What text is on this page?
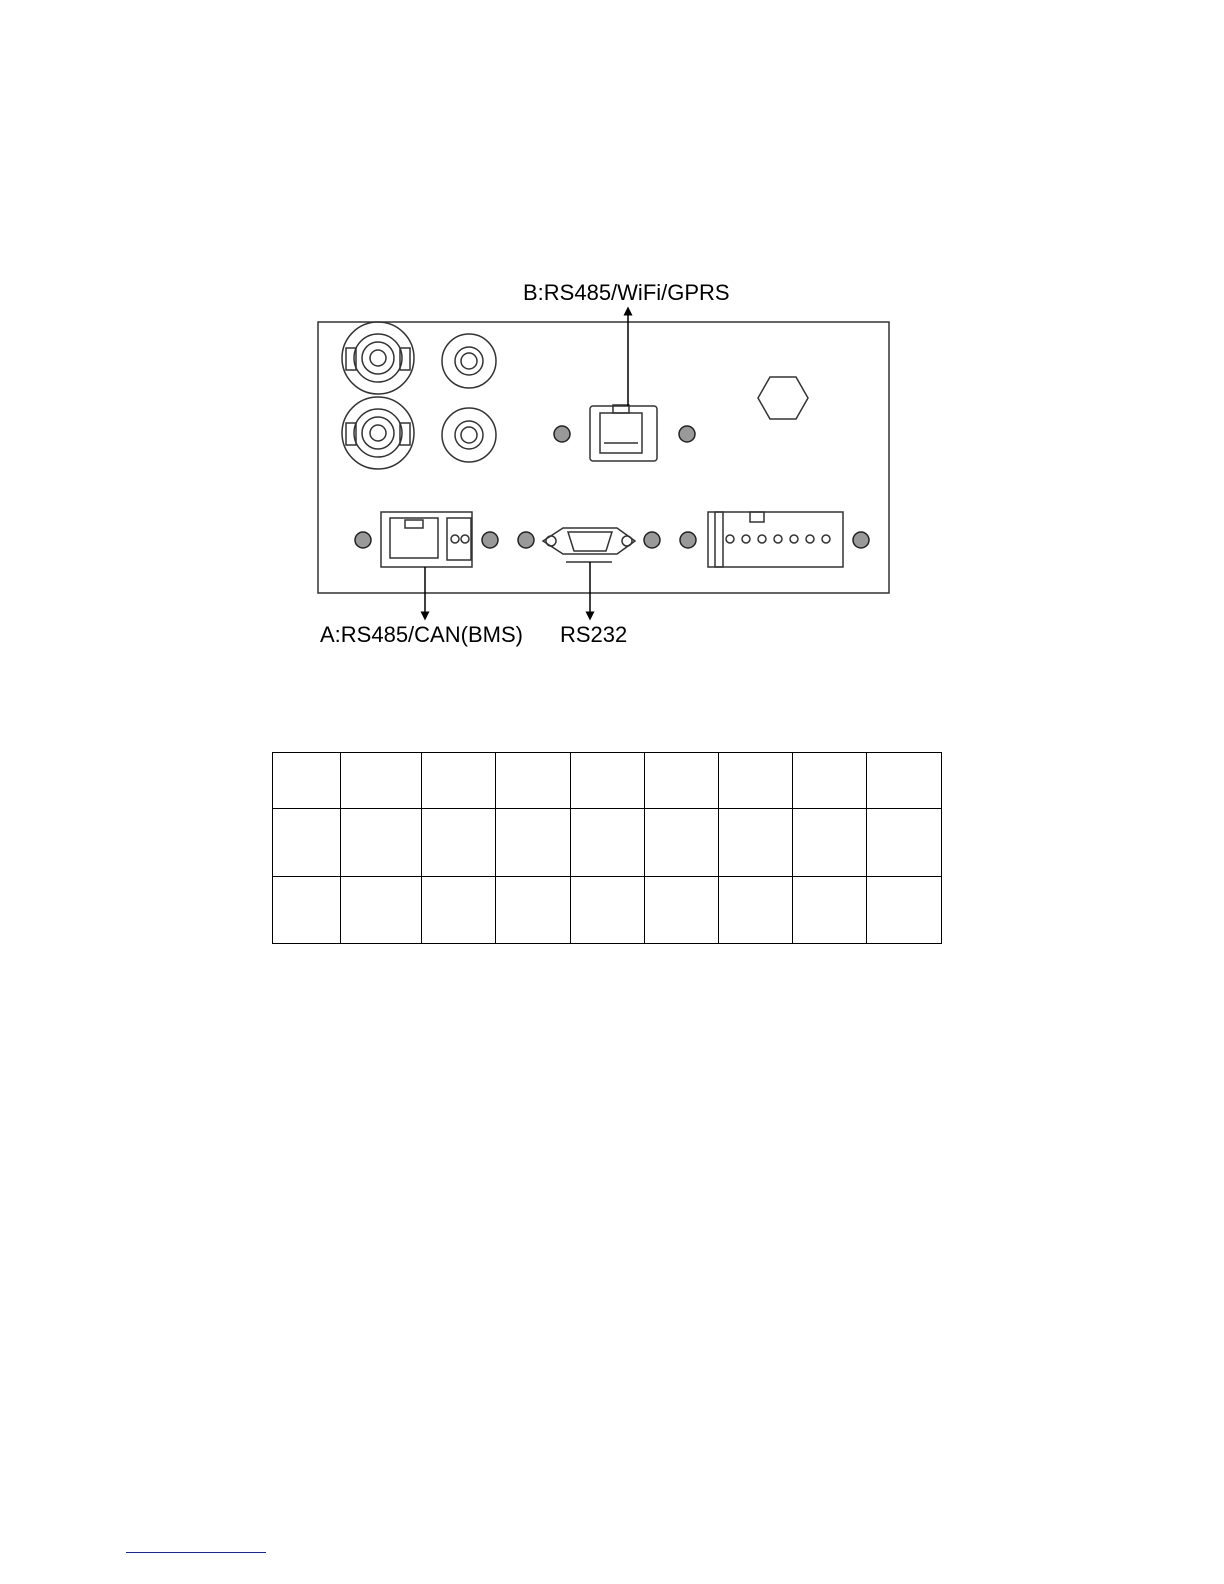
B:RS485/WiFi/GPRS
A:RS485/CAN(BMS) RS232
